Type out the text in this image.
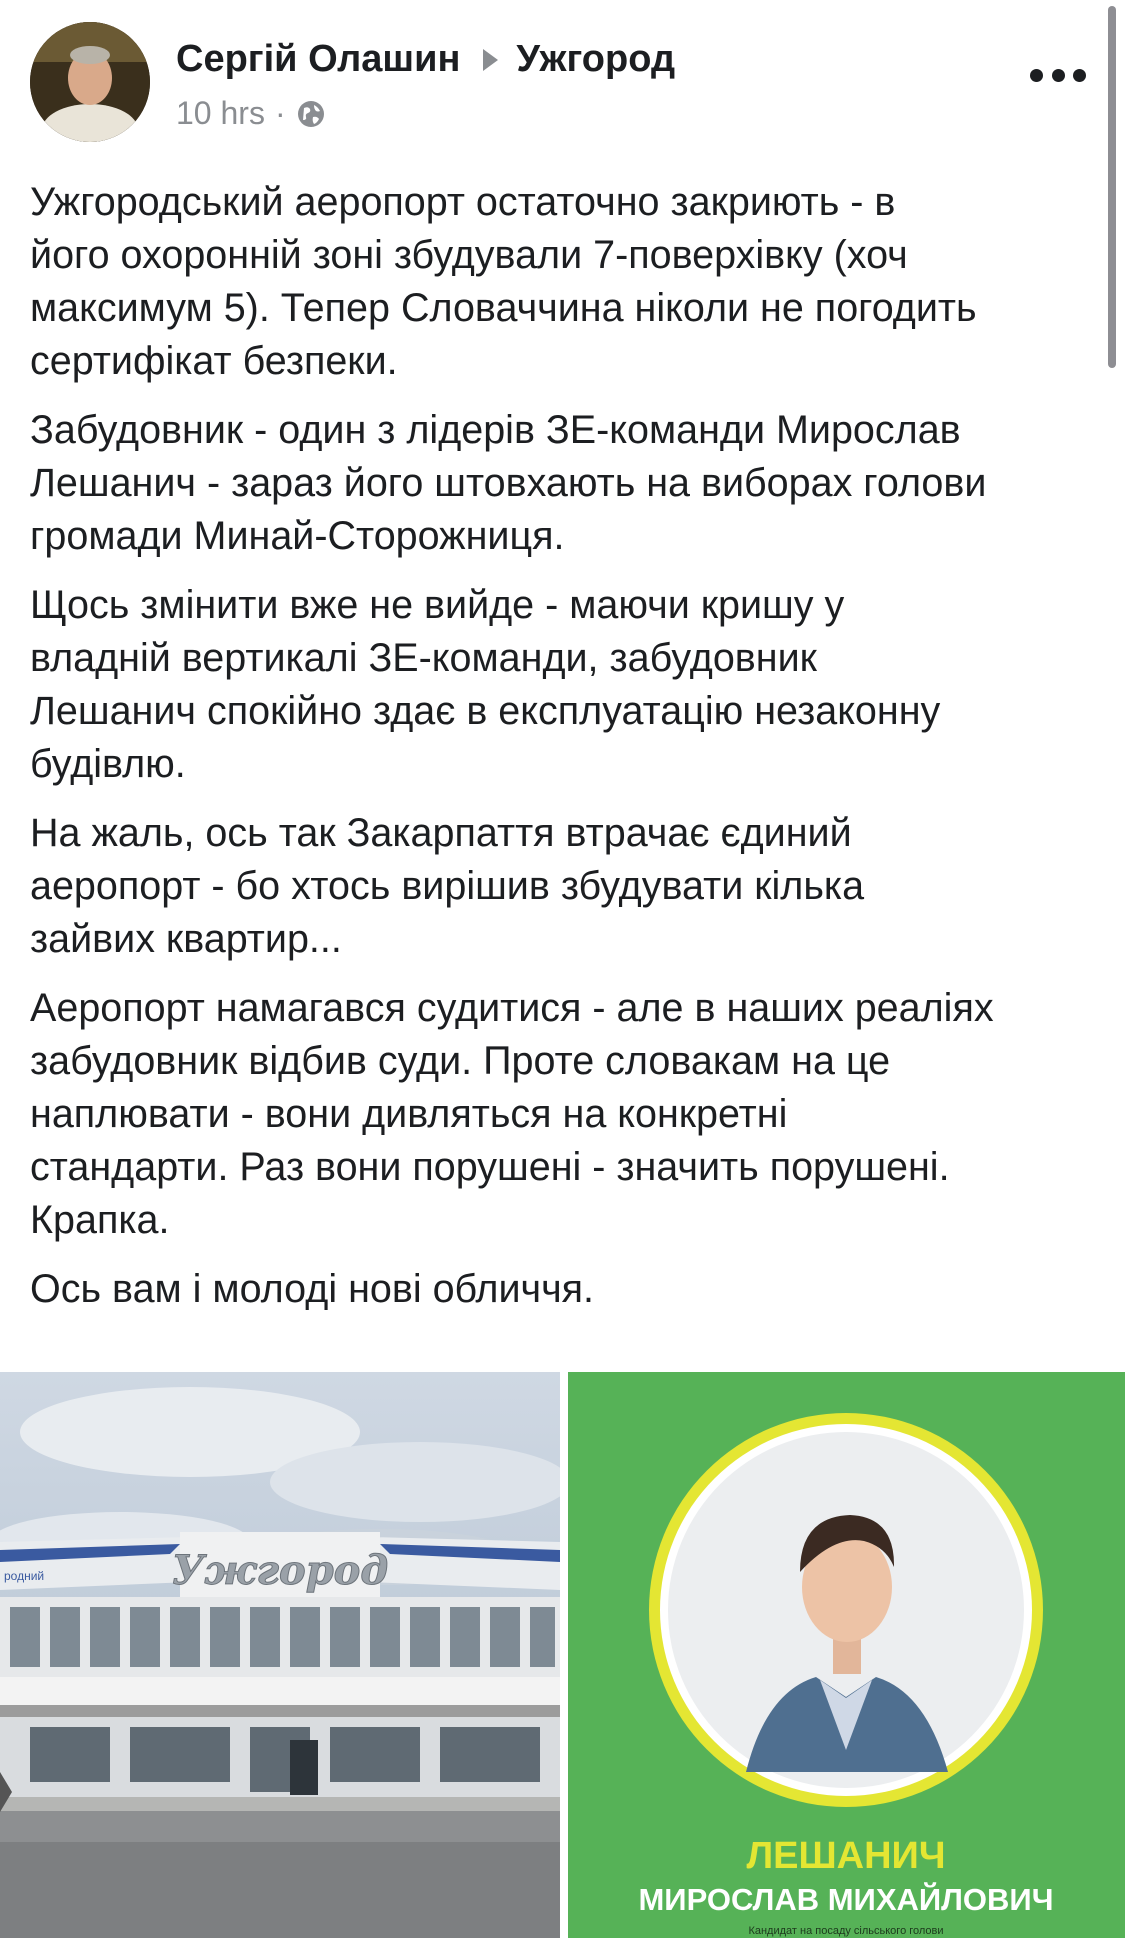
Сергій Олашин Ужгород
10 hrs ·

Ужгородський аеропорт остаточно закриють - в
його охоронній зоні збудували 7-поверхівку (хоч
максимум 5). Тепер Словаччина ніколи не погодить
сертифікат безпеки.

Забудовник - один з лідерів ЗЕ-команди Мирослав
Лешанич - зараз його штовхають на виборах голови
громади Минай-Сторожниця.

Щось змінити вже не вийде - маючи кришу у
владній вертикалі ЗЕ-команди, забудовник
Лешанич спокійно здає в експлуатацію незаконну
будівлю.

На жаль, ось так Закарпаття втрачає єдиний
аеропорт - бо хтось вирішив збудувати кілька
зайвих квартир...

Аеропорт намагався судитися - але в наших реаліях
забудовник відбив суди. Проте словакам на це
наплювати - вони дивляться на конкретні
стандарти. Раз вони порушені - значить порушені.
Крапка.

Ось вам і молоді нові обличчя.

Ужгород
родний
ЛЕШАНИЧ
МИРОСЛАВ МИХАЙЛОВИЧ
Кандидат на посаду сільського голови
